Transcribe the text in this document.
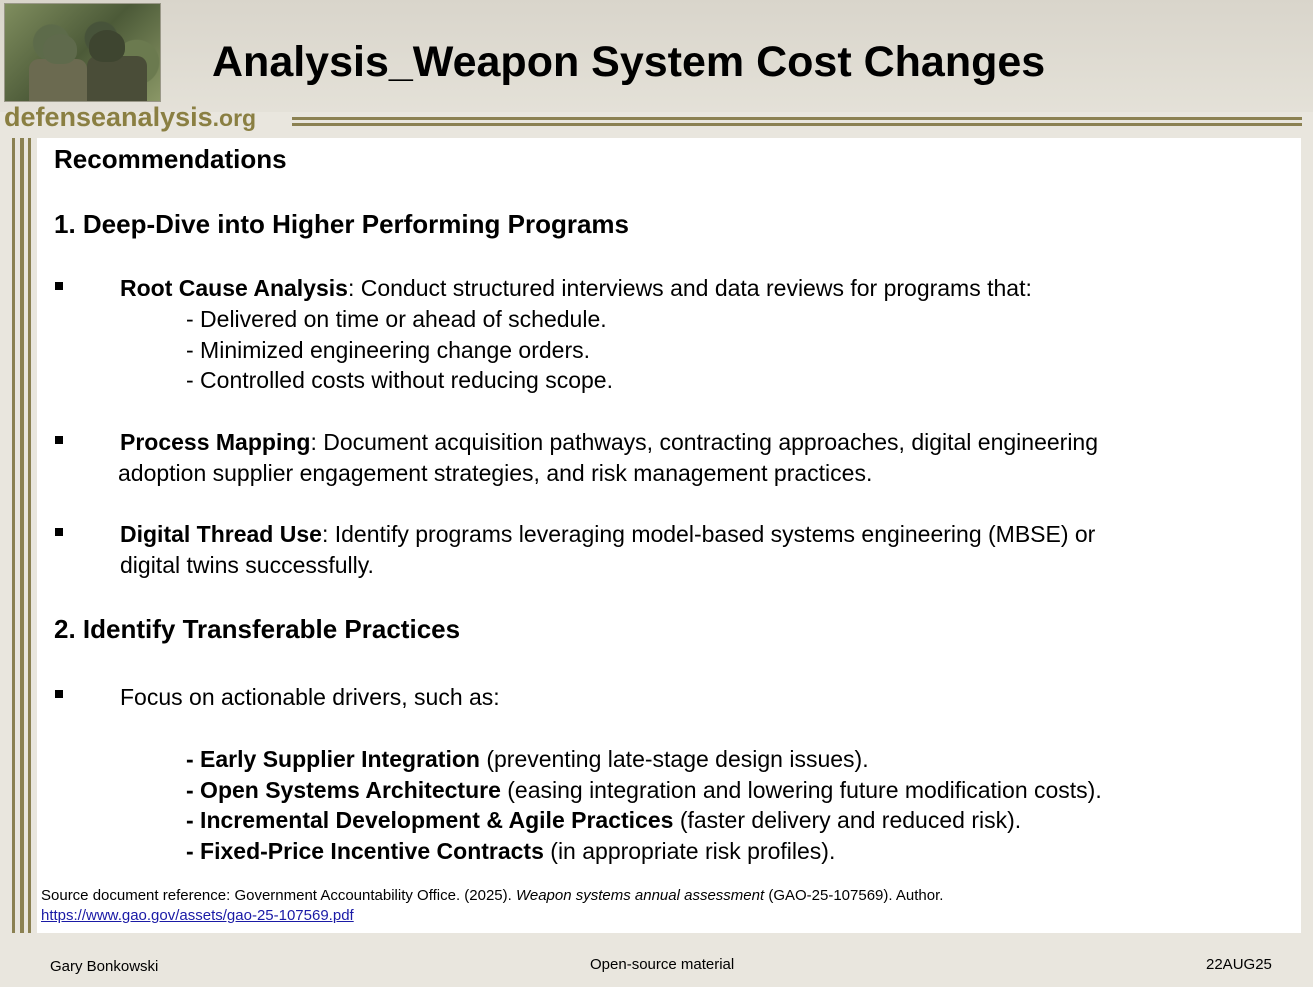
defenseanalysis.org
Analysis_Weapon System Cost Changes
Recommendations
1. Deep-Dive into Higher Performing Programs
Root Cause Analysis: Conduct structured interviews and data reviews for programs that:
- Delivered on time or ahead of schedule.
- Minimized engineering change orders.
- Controlled costs without reducing scope.
Process Mapping: Document acquisition pathways, contracting approaches, digital engineering
adoption supplier engagement strategies, and risk management practices.
Digital Thread Use: Identify programs leveraging model-based systems engineering (MBSE) or
digital twins successfully.
2. Identify Transferable Practices
Focus on actionable drivers, such as:
- Early Supplier Integration (preventing late-stage design issues).
- Open Systems Architecture (easing integration and lowering future modification costs).
- Incremental Development & Agile Practices (faster delivery and reduced risk).
- Fixed-Price Incentive Contracts (in appropriate risk profiles).
Source document reference: Government Accountability Office. (2025). Weapon systems annual assessment (GAO-25-107569). Author.
https://www.gao.gov/assets/gao-25-107569.pdf
Gary Bonkowski	Open-source material	22AUG25
